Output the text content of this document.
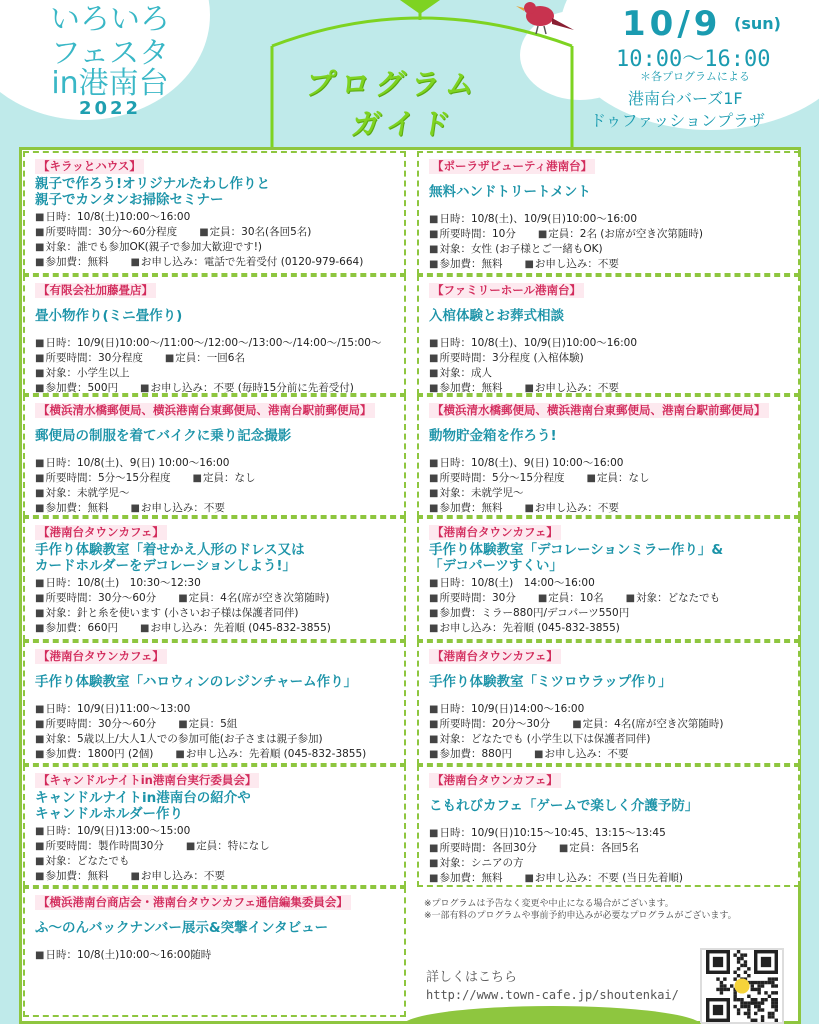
いろいろ
フェスタ
in港南台
2022
プログラム
ガイド
10/9 (sun)
10:00〜16:00
＊各プログラムによる
港南台バーズ1F
ドゥファッションプラザ
【キラッとハウス】
親子で作ろう!オリジナルたわし作りと
親子でカンタンお掃除セミナー
■日時：10/8(土)10:00〜16:00
■所要時間：30分〜60分程度 ■定員：30名(各回5名)
■対象：誰でも参加OK(親子で参加大歓迎です!)
■参加費：無料 ■お申し込み：電話で先着受付 (0120-979-664)
【ポーラザビューティ港南台】
無料ハンドトリートメント
■日時：10/8(土)、10/9(日)10:00〜16:00
■所要時間：10分 ■定員：2名 (お席が空き次第随時)
■対象：女性 (お子様とご一緒もOK)
■参加費：無料 ■お申し込み：不要
【有限会社加藤畳店】
畳小物作り(ミニ畳作り)
■日時：10/9(日)10:00〜/11:00〜/12:00〜/13:00〜/14:00〜/15:00〜
■所要時間：30分程度 ■定員：一回6名
■対象：小学生以上
■参加費：500円 ■お申し込み：不要 (毎時15分前に先着受付)
【ファミリーホール港南台】
入棺体験とお葬式相談
■日時：10/8(土)、10/9(日)10:00〜16:00
■所要時間：3分程度 (入棺体験)
■対象：成人
■参加費：無料 ■お申し込み：不要
【横浜清水橋郵便局、横浜港南台東郵便局、港南台駅前郵便局】
郵便局の制服を着てバイクに乗り記念撮影
■日時：10/8(土)、9(日) 10:00〜16:00
■所要時間：5分〜15分程度 ■定員：なし
■対象：未就学児〜
■参加費：無料 ■お申し込み：不要
【横浜清水橋郵便局、横浜港南台東郵便局、港南台駅前郵便局】
動物貯金箱を作ろう!
■日時：10/8(土)、9(日) 10:00〜16:00
■所要時間：5分〜15分程度 ■定員：なし
■対象：未就学児〜
■参加費：無料 ■お申し込み：不要
【港南台タウンカフェ】
手作り体験教室「着せかえ人形のドレス又は
カードホルダーをデコレーションしよう!」
■日時：10/8(土)　10:30〜12:30
■所要時間：30分〜60分 ■定員：4名(席が空き次第随時)
■対象：針と糸を使います (小さいお子様は保護者同伴)
■参加費：660円 ■お申し込み：先着順 (045-832-3855)
【港南台タウンカフェ】
手作り体験教室「デコレーションミラー作り」&
「デコパーツすくい」
■日時：10/8(土)　14:00〜16:00
■所要時間：30分 ■定員：10名 ■対象：どなたでも
■参加費：ミラー880円/デコパーツ550円
■お申し込み：先着順 (045-832-3855)
【港南台タウンカフェ】
手作り体験教室「ハロウィンのレジンチャーム作り」
■日時：10/9(日)11:00〜13:00
■所要時間：30分〜60分 ■定員：5組
■対象：5歳以上/大人1人での参加可能(お子さまは親子参加)
■参加費：1800円 (2個) ■お申し込み：先着順 (045-832-3855)
【港南台タウンカフェ】
手作り体験教室「ミツロウラップ作り」
■日時：10/9(日)14:00〜16:00
■所要時間：20分〜30分 ■定員：4名(席が空き次第随時)
■対象：どなたでも (小学生以下は保護者同伴)
■参加費：880円 ■お申し込み：不要
【キャンドルナイトin港南台実行委員会】
キャンドルナイトin港南台の紹介や
キャンドルホルダー作り
■日時：10/9(日)13:00〜15:00
■所要時間：製作時間30分 ■定員：特になし
■対象：どなたでも
■参加費：無料 ■お申し込み：不要
【港南台タウンカフェ】
こもれびカフェ「ゲームで楽しく介護予防」
■日時：10/9(日)10:15〜10:45、13:15〜13:45
■所要時間：各回30分 ■定員：各回5名
■対象：シニアの方
■参加費：無料 ■お申し込み：不要 (当日先着順)
【横浜港南台商店会・港南台タウンカフェ通信編集委員会】
ふ〜のんバックナンバー展示&突撃インタビュー
■日時：10/8(土)10:00〜16:00随時
※プログラムは予告なく変更や中止になる場合がございます。
※一部有料のプログラムや事前予約申込みが必要なプログラムがございます。
詳しくはこちら
http://www.town-cafe.jp/shoutenkai/
